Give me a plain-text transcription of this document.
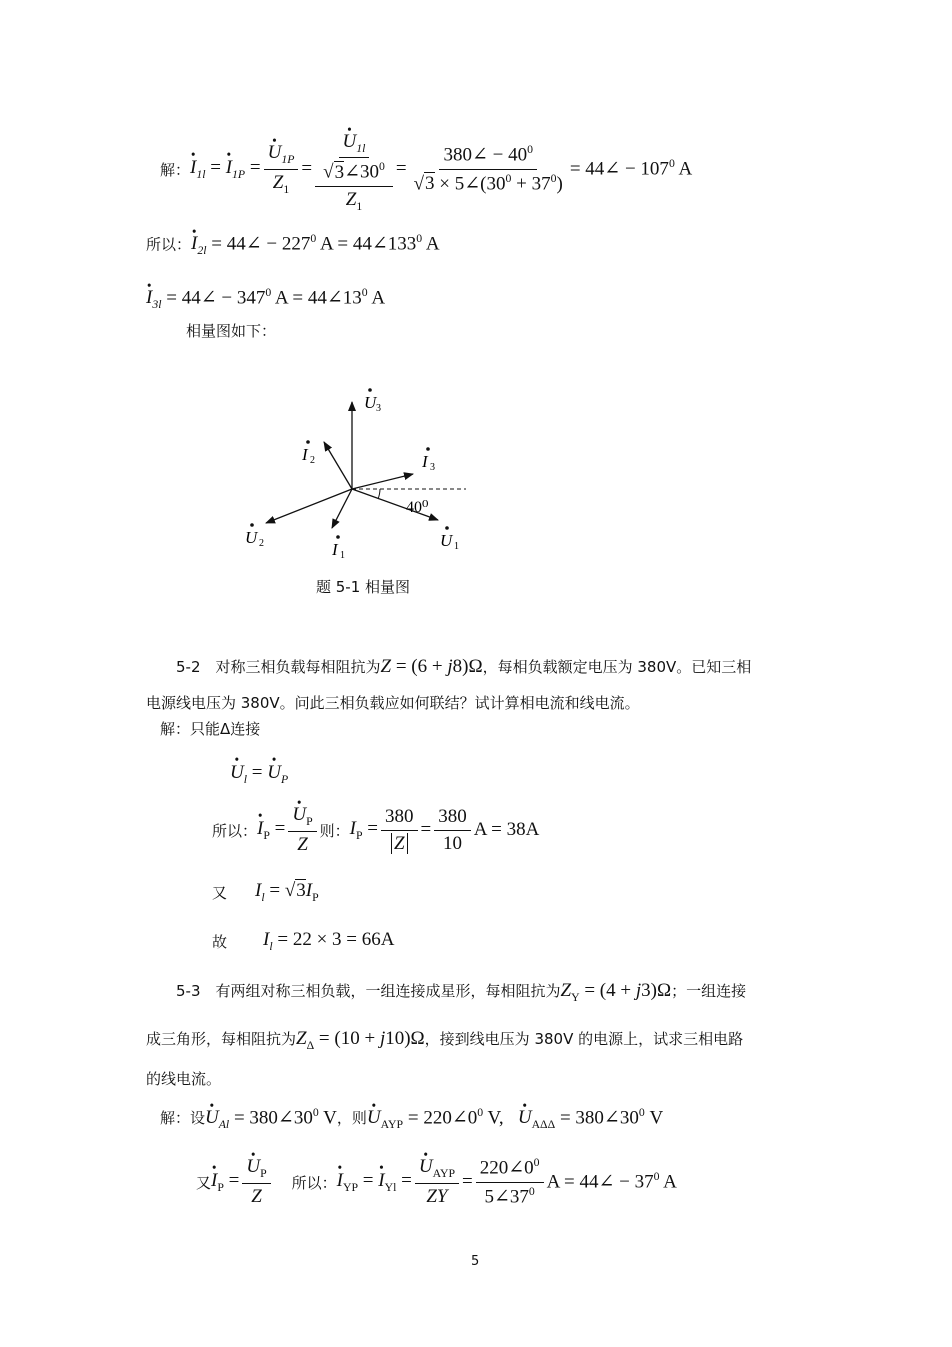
解： • $I_{1l}$ = • $I_{1P}$ = • $\frac{U_{1P}}{Z_1}$ = • $\frac{\frac{U_{1l}}{√3\angle 30^0}}{Z_1} = \frac{380\angle - 40^0}{√3 \times 5\angle(30^0 + 37^0)}$ = 44∠ − $107^0$ A
所以：• $I_{2l}$ = 44∠ − $227^0$ $A = 44\angle 133^0$ A
• $I_{3l}$ = 44∠ − $347^0$ $A = 44\angle 13^0$ A
相量图如下：
40⁰
U 3
I 2	I 3
U 2	I 1
U 1
题 5-1 相量图
5-2　对称三相负载每相阻抗为 Z = (6 + j8)Ω ，每相负载额定电压为 380V。已知三相
电源线电压为 380V。问此三相负载应如何联结？试计算相电流和线电流。
解：只能Δ连接
• $U_l$ = • $U_P$
所以： • $I_P$ = • $\frac{U_P}{Z}$ 则： $I_P = \frac{380}{Z} = \frac{380}{10}$ A = 38A
又 $I_l = √3I_P$
故 $I_l = 22 \times 3 = 66A$
5-3　有两组对称三相负载，一组连接成星形，每相阻抗为 $Z_Y = (4 + j3)\Omega$ ；一组连接
成三角形，每相阻抗为 $Z_\Delta = (10 + j10)\Omega$ ，接到线电压为 380V 的电源上，试求三相电路
的线电流。
解：设 • $U_{Al}$ = $380\angle 30^0$ V ，则 • $U_{AYP}$ = $220\angle 0^0$ V,   • $U_{A\Delta\Delta}$ = $380\angle 30^0$ V
又 • $I_P$ = • $\frac{U_P}{Z}$ 所以： • $I_{YP}$ = • $I_{Yl}$ = • $\frac{U_{AYP}}{ZY} = \frac{220\angle 0^0}{5\angle 37^0}$ A = 44∠ − $37^0$ A
5
